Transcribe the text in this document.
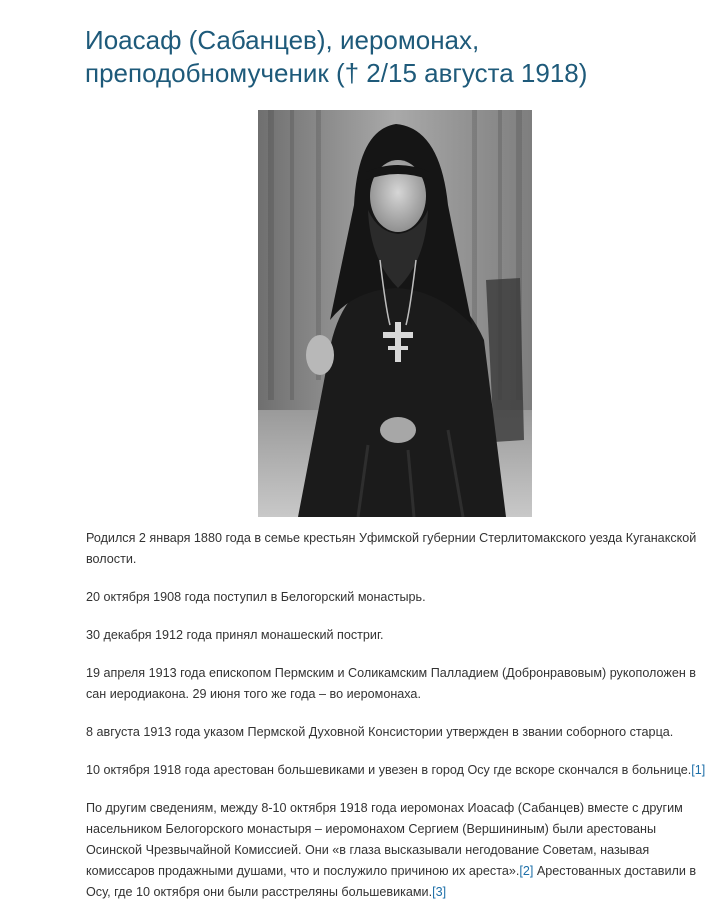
Иоасаф (Сабанцев), иеромонах, преподобномученик († 2/15 августа 1918)

Родился 2 января 1880 года в семье крестьян Уфимской губернии Стерлитомакского уезда Куганакской волости.

20 октября 1908 года поступил в Белогорский монастырь.

30 декабря 1912 года принял монашеский постриг.

19 апреля 1913 года епископом Пермским и Соликамским Палладием (Добронравовым) рукоположен в сан иеродиакона. 29 июня того же года – во иеромонаха.

8 августа 1913 года указом Пермской Духовной Консистории утвержден в звании соборного старца.

10 октября 1918 года арестован большевиками и увезен в город Осу где вскоре скончался в больнице.[1]

По другим сведениям, между 8-10 октября 1918 года иеромонах Иоасаф (Сабанцев) вместе с другим насельником Белогорского монастыря – иеромонахом Сергием (Вершининым) были арестованы Осинской Чрезвычайной Комиссией. Они «в глаза высказывали негодование Советам, называя комиссаров продажными душами, что и послужило причиною их ареста».[2] Арестованных доставили в Осу, где 10 октября они были расстреляны большевиками.[3]
